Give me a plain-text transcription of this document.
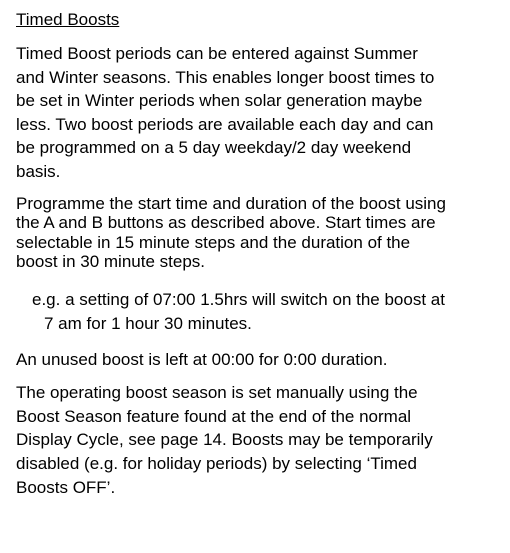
Timed Boosts
Timed Boost periods can be entered against Summer
and Winter seasons. This enables longer boost times to
be set in Winter periods when solar generation maybe
less. Two boost periods are available each day and can
be programmed on a 5 day weekday/2 day weekend
basis.
Programme the start time and duration of the boost using
the A and B buttons as described above. Start times are
selectable in 15 minute steps and the duration of the
boost in 30 minute steps.
e.g. a setting of 07:00 1.5hrs will switch on the boost at
7 am for 1 hour 30 minutes.
An unused boost is left at 00:00 for 0:00 duration.
The operating boost season is set manually using the
Boost Season feature found at the end of the normal
Display Cycle, see page 14. Boosts may be temporarily
disabled (e.g. for holiday periods) by selecting ‘Timed
Boosts OFF’.
